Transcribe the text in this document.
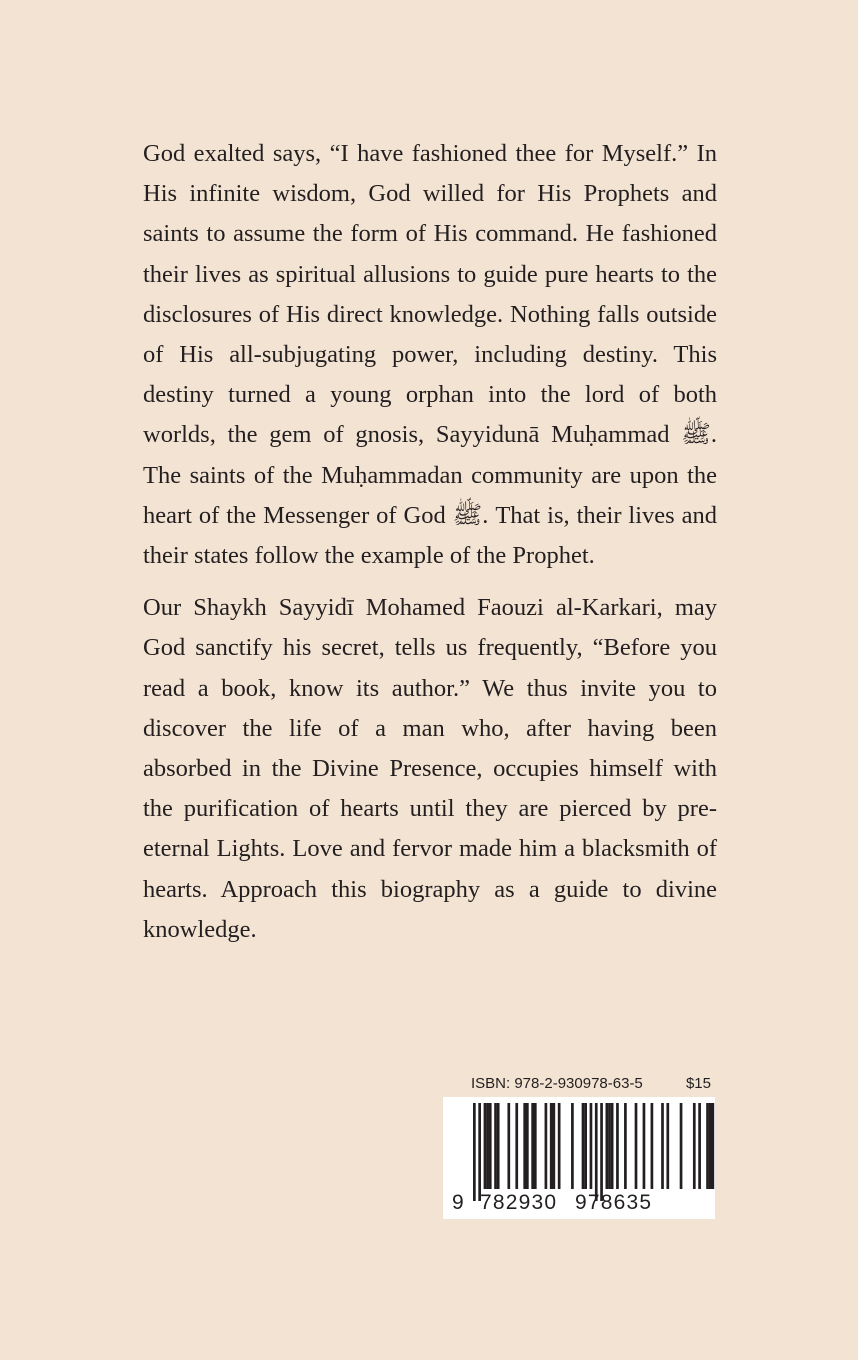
God exalted says, “I have fashioned thee for Myself.” In His infinite wisdom, God willed for His Prophets and saints to assume the form of His command. He fashioned their lives as spiritual allusions to guide pure hearts to the disclosures of His direct knowledge. Nothing falls outside of His all-subjugating power, including destiny. This destiny turned a young orphan into the lord of both worlds, the gem of gnosis, Sayyidunā Muḥammad ﷺ. The saints of the Muḥammadan community are upon the heart of the Messenger of God ﷺ. That is, their lives and their states follow the example of the Prophet.

Our Shaykh Sayyidī Mohamed Faouzi al-Karkari, may God sanctify his secret, tells us frequently, “Before you read a book, know its author.” We thus invite you to discover the life of a man who, after having been absorbed in the Divine Presence, occupies himself with the purification of hearts until they are pierced by pre-eternal Lights. Love and fervor made him a blacksmith of hearts. Approach this biography as a guide to divine knowledge.

ISBN: 978-2-930978-63-5	$15
9 782930 978635
